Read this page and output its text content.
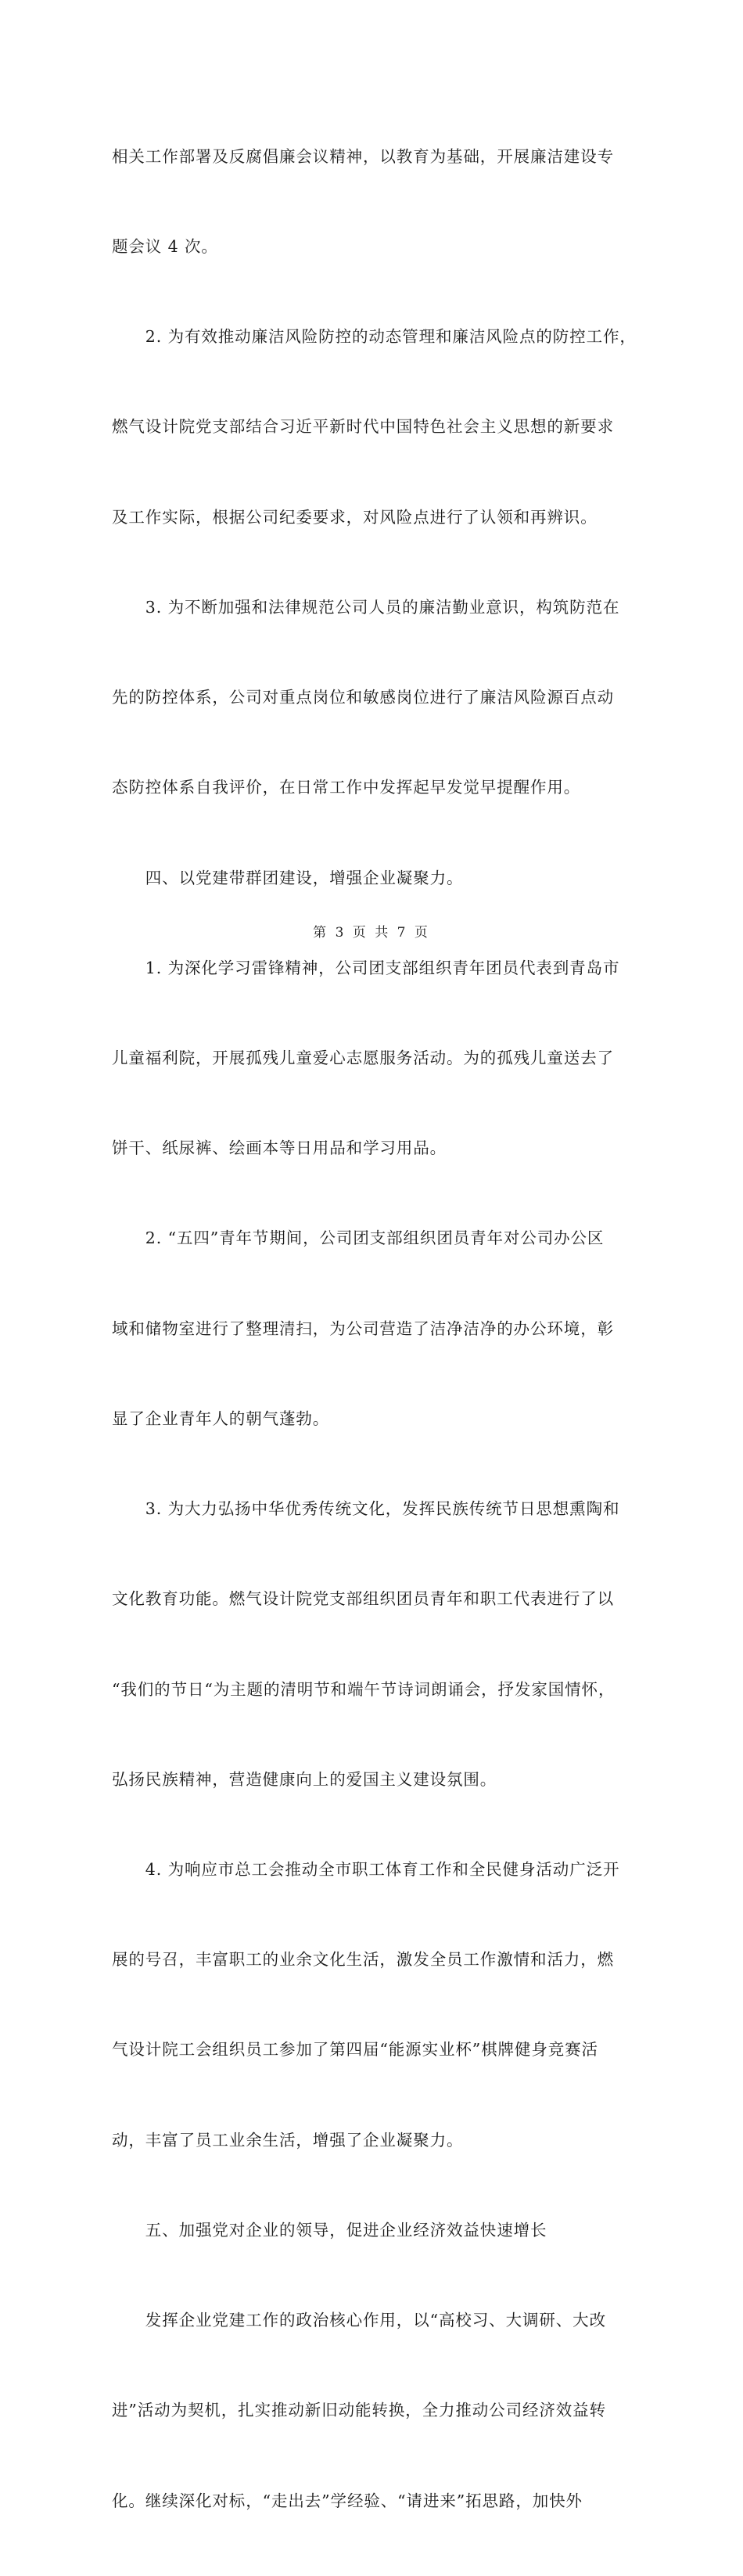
相关工作部署及反腐倡廉会议精神，以教育为基础，开展廉洁建设专

题会议 4 次。

　　2. 为有效推动廉洁风险防控的动态管理和廉洁风险点的防控工作，

燃气设计院党支部结合习近平新时代中国特色社会主义思想的新要求

及工作实际，根据公司纪委要求，对风险点进行了认领和再辨识。

　　3. 为不断加强和法律规范公司人员的廉洁勤业意识，构筑防范在

先的防控体系，公司对重点岗位和敏感岗位进行了廉洁风险源百点动

态防控体系自我评价，在日常工作中发挥起早发觉早提醒作用。

　　四、以党建带群团建设，增强企业凝聚力。

　　1. 为深化学习雷锋精神，公司团支部组织青年团员代表到青岛市

儿童福利院，开展孤残儿童爱心志愿服务活动。为的孤残儿童送去了

饼干、纸尿裤、绘画本等日用品和学习用品。

　　2. “五四”青年节期间，公司团支部组织团员青年对公司办公区

域和储物室进行了整理清扫，为公司营造了洁净洁净的办公环境，彰

显了企业青年人的朝气蓬勃。

　　3. 为大力弘扬中华优秀传统文化，发挥民族传统节日思想熏陶和

文化教育功能。燃气设计院党支部组织团员青年和职工代表进行了以

“我们的节日“为主题的清明节和端午节诗词朗诵会，抒发家国情怀，

弘扬民族精神，营造健康向上的爱国主义建设氛围。

　　4. 为响应市总工会推动全市职工体育工作和全民健身活动广泛开

展的号召，丰富职工的业余文化生活，激发全员工作激情和活力，燃

气设计院工会组织员工参加了第四届“能源实业杯”棋牌健身竞赛活

动，丰富了员工业余生活，增强了企业凝聚力。

　　五、加强党对企业的领导，促进企业经济效益快速增长

　　发挥企业党建工作的政治核心作用，以“高校习、大调研、大改

进”活动为契机，扎实推动新旧动能转换，全力推动公司经济效益转

化。继续深化对标，“走出去”学经验、“请进来”拓思路，加快外

第 3 页 共 7 页
